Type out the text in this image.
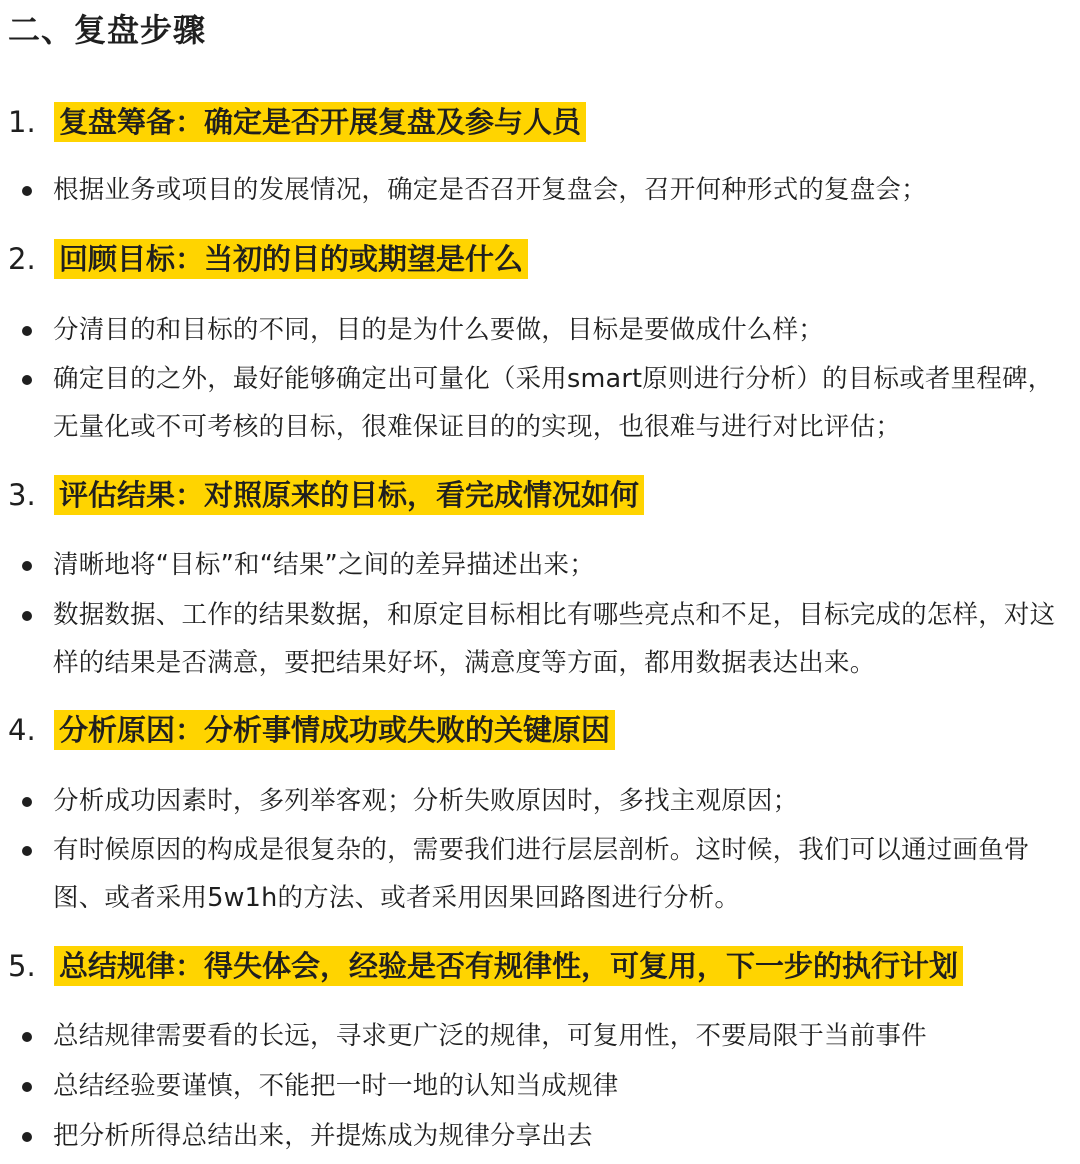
二、复盘步骤
1. 复盘筹备：确定是否开展复盘及参与人员
根据业务或项目的发展情况，确定是否召开复盘会，召开何种形式的复盘会；
2. 回顾目标：当初的目的或期望是什么
分清目的和目标的不同，目的是为什么要做，目标是要做成什么样；
确定目的之外，最好能够确定出可量化（采用smart原则进行分析）的目标或者里程碑，无量化或不可考核的目标，很难保证目的的实现，也很难与进行对比评估；
3. 评估结果：对照原来的目标，看完成情况如何
清晰地将“目标”和“结果”之间的差异描述出来；
数据数据、工作的结果数据，和原定目标相比有哪些亮点和不足，目标完成的怎样，对这样的结果是否满意，要把结果好坏，满意度等方面，都用数据表达出来。
4. 分析原因：分析事情成功或失败的关键原因
分析成功因素时，多列举客观；分析失败原因时，多找主观原因；
有时候原因的构成是很复杂的，需要我们进行层层剖析。这时候，我们可以通过画鱼骨图、或者采用5w1h的方法、或者采用因果回路图进行分析。
5. 总结规律：得失体会，经验是否有规律性，可复用，下一步的执行计划
总结规律需要看的长远，寻求更广泛的规律，可复用性，不要局限于当前事件
总结经验要谨慎，不能把一时一地的认知当成规律
把分析所得总结出来，并提炼成为规律分享出去
